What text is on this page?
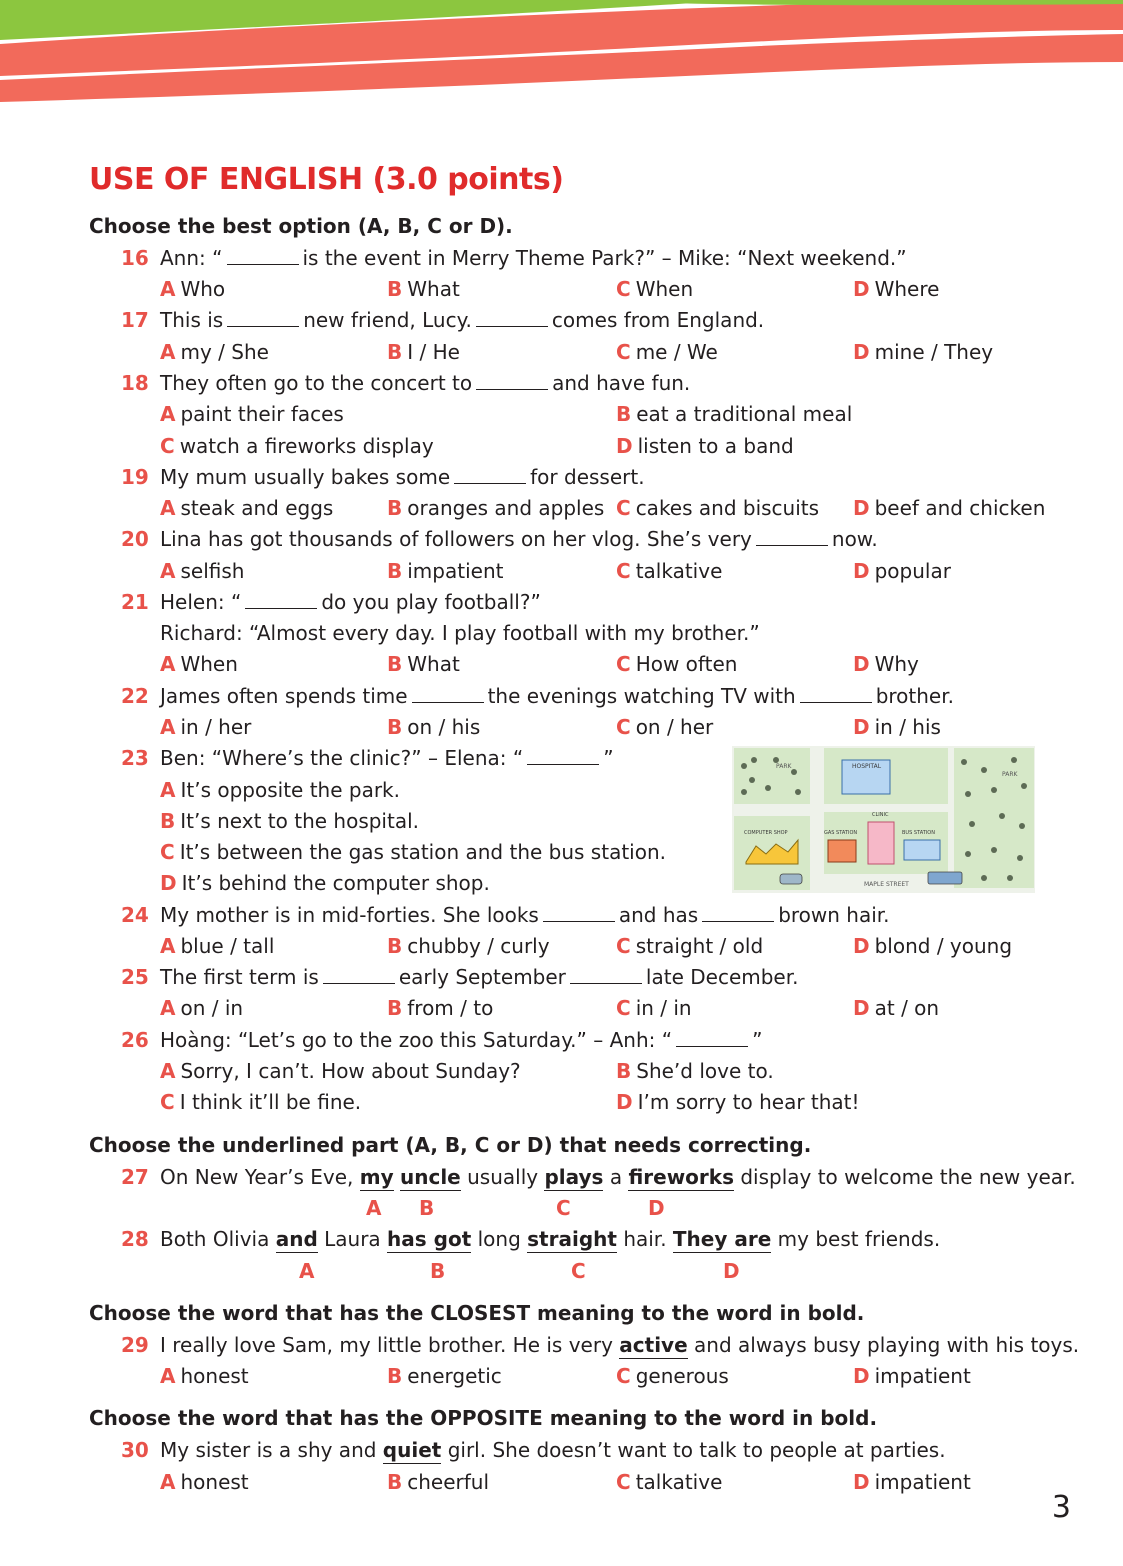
USE OF ENGLISH (3.0 points)
Choose the best option (A, B, C or D).
16 Ann: “	is the event in Merry Theme Park?” – Mike: “Next weekend.”
A Who	B What	C When	D Where
17 This is	new friend, Lucy.	comes from England.
A my / She	B I / He	C me / We	D mine / They
18 They often go to the concert to	and have fun.
A paint their faces	B eat a traditional meal
C watch a fireworks display	D listen to a band
19 My mum usually bakes some	for dessert.
A steak and eggs	B oranges and apples C cakes and biscuits D beef and chicken
20 Lina has got thousands of followers on her vlog. She’s very	now.
A selfish	B impatient	C talkative	D popular
21 Helen: “	do you play football?”
Richard: “Almost every day. I play football with my brother.”
A When	B What	C How often	D Why
22 James often spends time	the evenings watching TV with	brother.
A in / her	B on / his	C on / her	D in / his
23 Ben: “Where’s the clinic?” – Elena: “	”
A It’s opposite the park.
B It’s next to the hospital.
C It’s between the gas station and the bus station.
D It’s behind the computer shop.
PARK
PARK
HOSPITAL
CLINIC
COMPUTER SHOP	GAS STATION	BUS STATION
MAPLE STREET
24 My mother is in mid-forties. She looks	and has	brown hair.
A blue / tall	B chubby / curly	C straight / old	D blond / young
25 The first term is	early September	late December.
A on / in	B from / to	C in / in	D at / on
26 Hoàng: “Let’s go to the zoo this Saturday.” – Anh: “	”
A Sorry, I can’t. How about Sunday?	B She’d love to.
C I think it’ll be fine.	D I’m sorry to hear that!
Choose the underlined part (A, B, C or D) that needs correcting.
27 On New Year’s Eve, my uncle usually plays a fireworks display to welcome the new year.
A B	C	D
28 Both Olivia and Laura has got long straight hair. They are my best friends.
A	B	C	D
Choose the word that has the CLOSEST meaning to the word in bold.
29 I really love Sam, my little brother. He is very active and always busy playing with his toys.
A honest	B energetic	C generous	D impatient
Choose the word that has the OPPOSITE meaning to the word in bold.
30 My sister is a shy and quiet girl. She doesn’t want to talk to people at parties.
A honest	B cheerful	C talkative	D impatient
3
